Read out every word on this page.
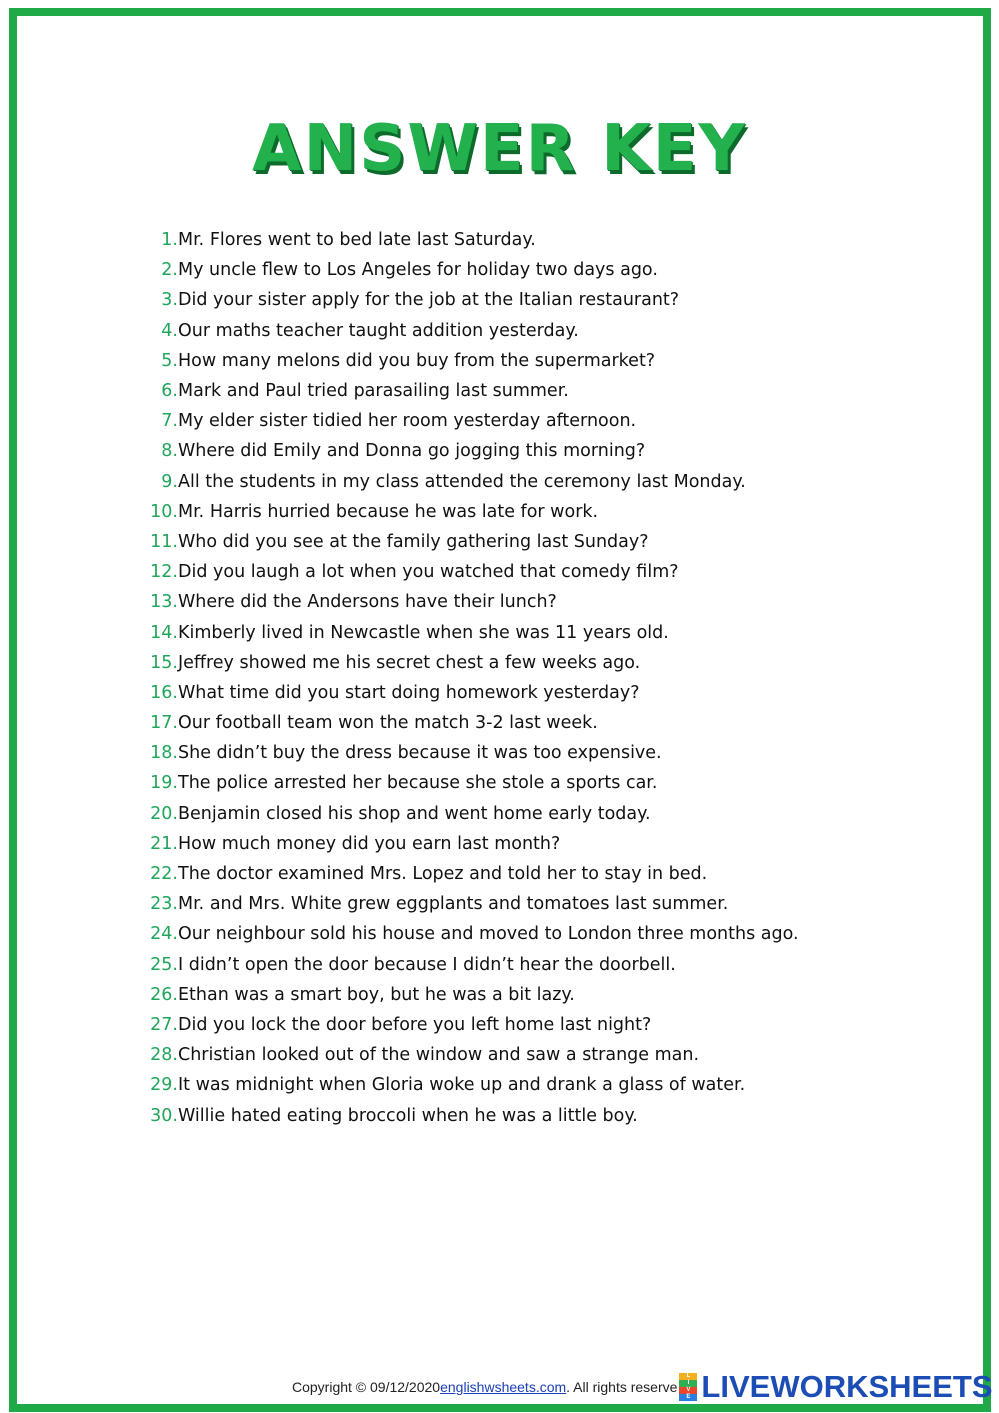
ANSWER KEY
1. Mr. Flores went to bed late last Saturday.
2. My uncle flew to Los Angeles for holiday two days ago.
3. Did your sister apply for the job at the Italian restaurant?
4. Our maths teacher taught addition yesterday.
5. How many melons did you buy from the supermarket?
6. Mark and Paul tried parasailing last summer.
7. My elder sister tidied her room yesterday afternoon.
8. Where did Emily and Donna go jogging this morning?
9. All the students in my class attended the ceremony last Monday.
10. Mr. Harris hurried because he was late for work.
11. Who did you see at the family gathering last Sunday?
12. Did you laugh a lot when you watched that comedy film?
13. Where did the Andersons have their lunch?
14. Kimberly lived in Newcastle when she was 11 years old.
15. Jeffrey showed me his secret chest a few weeks ago.
16. What time did you start doing homework yesterday?
17. Our football team won the match 3-2 last week.
18. She didn’t buy the dress because it was too expensive.
19. The police arrested her because she stole a sports car.
20. Benjamin closed his shop and went home early today.
21. How much money did you earn last month?
22. The doctor examined Mrs. Lopez and told her to stay in bed.
23. Mr. and Mrs. White grew eggplants and tomatoes last summer.
24. Our neighbour sold his house and moved to London three months ago.
25. I didn’t open the door because I didn’t hear the doorbell.
26. Ethan was a smart boy, but he was a bit lazy.
27. Did you lock the door before you left home last night?
28. Christian looked out of the window and saw a strange man.
29. It was midnight when Gloria woke up and drank a glass of water.
30. Willie hated eating broccoli when he was a little boy.
Copyright © 09/12/2020 englishwsheets.com . All rights reserve
L
I
V
E LIVEWORKSHEETS
